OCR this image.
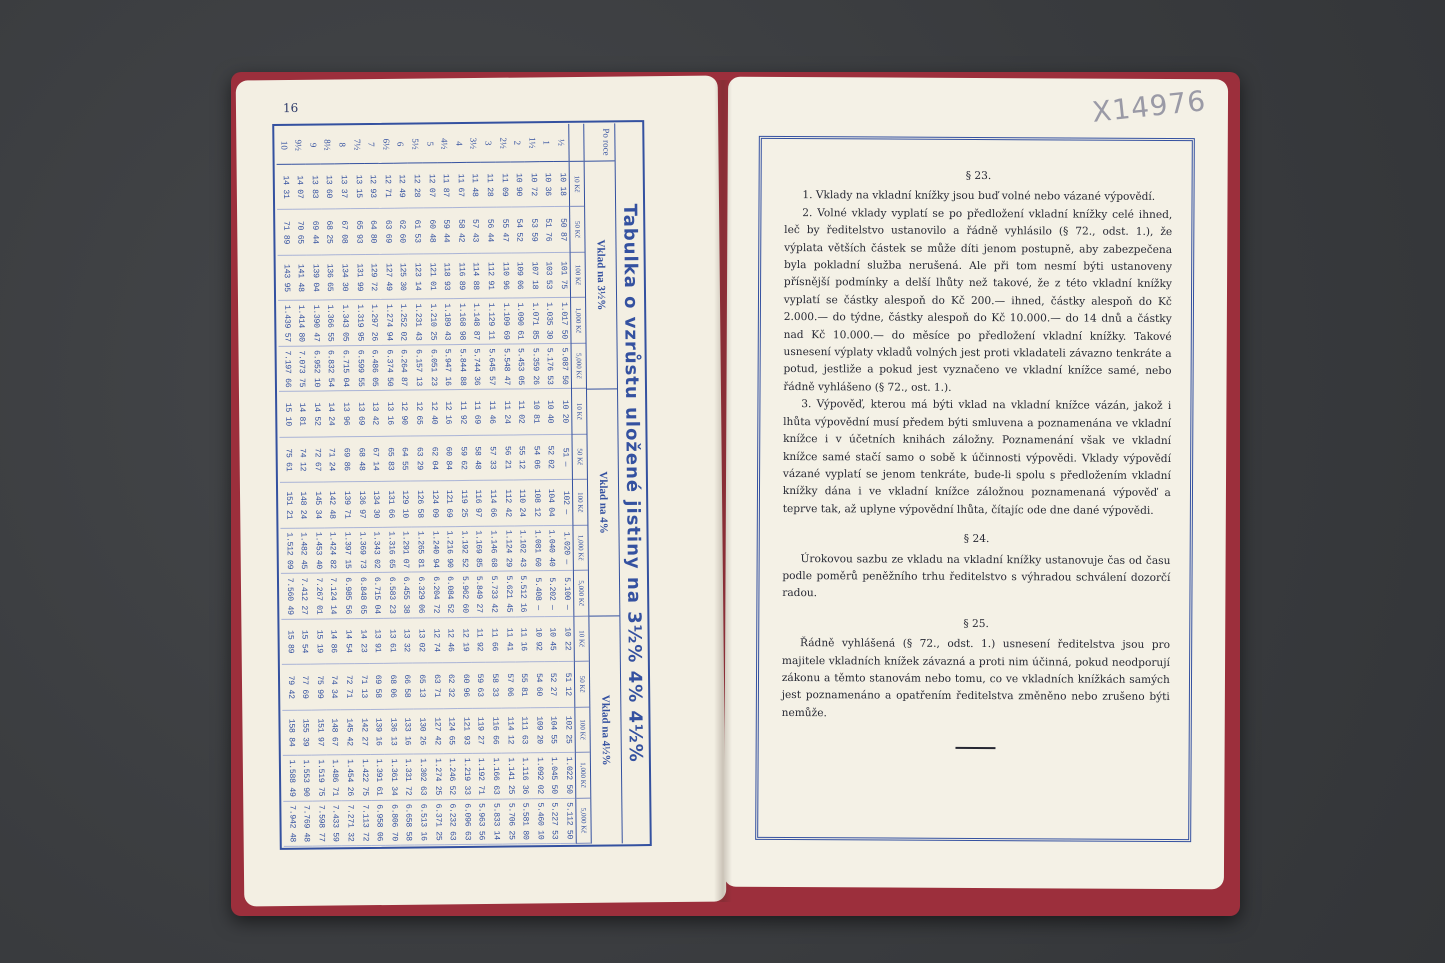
16	X14976
Tabulka o vzrůstu uložené jistiny na 3½% 4% 4½%
Po roce
Vklad na 3½%
Vklad na 4%
Vklad na 4½%
10 Kč
50 Kč
100 Kč
1,000 Kč
5,000 Kč
10 Kč
50 Kč
100 Kč
1,000 Kč
5,000 Kč
10 Kč
50 Kč
100 Kč
1,000 Kč
5,000 Kč
½
10 18
50 87
101 75
1.017 50
5.087 50
10 20
51 —
102 —
1.020 —
5.100 —
10 22
51 12
102 25
1.022 50
5.112 50
1
10 36
51 76
103 53
1.035 30
5.176 53
10 40
52 02
104 04
1.040 40
5.202 —
10 45
52 27
104 55
1.045 50
5.227 53
1½
10 72
53 59
107 18
1.071 85
5.359 26
10 81
54 06
108 12
1.081 60
5.408 —
10 92
54 60
109 20
1.092 02
5.460 10
2
10 90
54 52
109 06
1.090 61
5.453 05
11 02
55 12
110 24
1.102 43
5.512 16
11 16
55 81
111 63
1.116 36
5.581 80
2½
11 09
55 47
110 96
1.109 69
5.548 47
11 24
56 21
112 42
1.124 29
5.621 45
11 41
57 06
114 12
1.141 25
5.706 25
3
11 28
56 44
112 91
1.129 11
5.645 57
11 46
57 33
114 66
1.146 68
5.733 42
11 66
58 33
116 66
1.166 63
5.833 14
3½
11 48
57 43
114 88
1.148 87
5.744 36
11 69
58 48
116 97
1.169 85
5.849 27
11 92
59 63
119 27
1.192 71
5.963 56
4
11 67
58 42
116 89
1.168 98
5.844 88
11 92
59 62
119 25
1.192 52
5.962 60
12 19
60 96
121 93
1.219 33
6.096 63
4½
11 87
59 44
118 93
1.189 43
5.947 16
12 16
60 84
121 69
1.216 90
6.084 52
12 46
62 32
124 65
1.246 52
6.232 63
5
12 07
60 48
121 01
1.210 25
6.051 23
12 40
62 04
124 09
1.240 94
6.204 72
12 74
63 71
127 42
1.274 25
6.371 25
5½
12 28
61 53
123 14
1.231 43
6.157 13
12 65
63 29
126 58
1.265 81
6.329 06
13 02
65 13
130 26
1.302 63
6.513 16
6
12 49
62 60
125 30
1.252 02
6.264 87
12 90
64 55
129 10
1.291 07
6.455 38
13 32
66 58
133 16
1.331 72
6.658 58
6½
12 71
63 69
127 49
1.274 94
6.374 50
13 16
65 83
131 66
1.316 65
6.583 23
13 61
68 06
136 13
1.361 34
6.806 70
7
12 93
64 80
129 72
1.297 26
6.486 05
13 42
67 14
134 30
1.343 02
6.715 04
13 91
69 58
139 16
1.391 61
6.958 06
7½
13 15
65 93
131 99
1.319 95
6.599 55
13 69
68 48
136 97
1.369 73
6.848 65
14 23
71 13
142 27
1.422 75
7.113 72
8
13 37
67 08
134 30
1.343 05
6.715 04
13 96
69 86
139 71
1.397 15
6.985 56
14 54
72 71
145 42
1.454 26
7.271 32
8½
13 60
68 25
136 65
1.366 55
6.832 54
14 24
71 24
142 48
1.424 82
7.124 14
14 86
74 34
148 67
1.486 71
7.433 59
9
13 83
69 44
139 04
1.390 47
6.952 10
14 52
72 67
145 34
1.453 40
7.267 01
15 19
75 99
151 97
1.519 75
7.598 77
9½
14 07
70 65
141 48
1.414 80
7.073 75
14 81
74 12
148 24
1.482 45
7.412 27
15 54
77 69
155 39
1.553 90
7.769 48
10
14 31
71 89
143 95
1.439 57
7.197 66
15 10
75 61
151 21
1.512 09
7.560 49
15 89
79 42
158 84
1.588 49
7.942 48
§ 23.

1. Vklady na vkladní knížky jsou buď volné nebo vázané výpovědí.

2. Volné vklady vyplatí se po předložení vkladní knížky celé ihned, leč by ředitelstvo ustanovilo a řádně vyhlásilo (§ 72., odst. 1.), že výplata větších částek se může díti jenom postupně, aby zabezpečena byla pokladní služba nerušená. Ale při tom nesmí býti ustanoveny přísnější podmínky a delší lhůty než takové, že z této vkladní knížky vyplatí se částky alespoň do Kč 200.— ihned, částky alespoň do Kč 2.000.— do týdne, částky alespoň do Kč 10.000.— do 14 dnů a částky nad Kč 10.000.— do měsíce po předložení vkladní knížky. Takové usnesení výplaty vkladů volných jest proti vkladateli závazno tenkráte a potud, jestliže a pokud jest vyznačeno ve vkladní knížce samé, nebo řádně vyhlášeno (§ 72., ost. 1.).

3. Výpověď, kterou má býti vklad na vkladní knížce vázán, jakož i lhůta výpovědní musí předem býti smluvena a poznamenána ve vkladní knížce i v účetních knihách záložny. Poznamenání však ve vkladní knížce samé stačí samo o sobě k účinnosti výpovědi. Vklady výpovědí vázané vyplatí se jenom tenkráte, bude-li spolu s předložením vkladní knížky dána i ve vkladní knížce záložnou poznamenaná výpověď a teprve tak, až uplyne výpovědní lhůta, čítajíc ode dne dané výpovědi.

§ 24.

Úrokovou sazbu ze vkladu na vkladní knížky ustanovuje čas od času podle poměrů peněžního trhu ředitelstvo s výhradou schválení dozorčí radou.

§ 25.

Řádně vyhlášená (§ 72., odst. 1.) usnesení ředitelstva jsou pro majitele vkladních knížek závazná a proti nim účinná, pokud neodporují zákonu a těmto stanovám nebo tomu, co ve vkladních knížkách samých jest poznamenáno a opatřením ředitelstva změněno nebo zrušeno býti nemůže.
